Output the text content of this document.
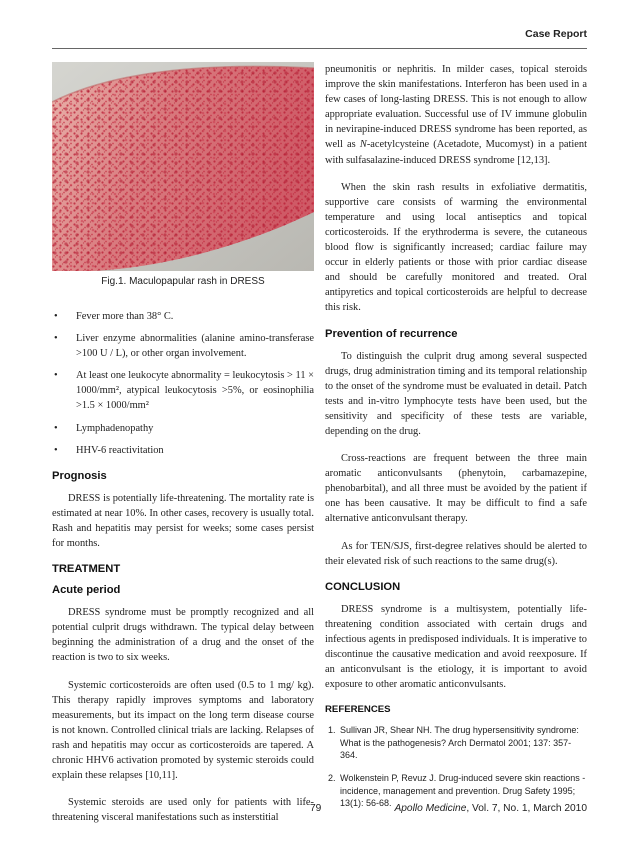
Case Report
Fig.1. Maculopapular rash in DRESS
• Fever more than 38° C.
• Liver enzyme abnormalities (alanine amino-transferase >100 U / L), or other organ involvement.
• At least one leukocyte abnormality = leukocytosis > 11 × 1000/mm², atypical leukocytosis >5%, or eosinophilia >1.5 × 1000/mm²
• Lymphadenopathy
• HHV-6 reactivitation
Prognosis

DRESS is potentially life-threatening. The mortality rate is estimated at near 10%. In other cases, recovery is usually total. Rash and hepatitis may persist for weeks; some cases persist for months.

TREATMENT
Acute period

DRESS syndrome must be promptly recognized and all potential culprit drugs withdrawn. The typical delay between beginning the administration of a drug and the onset of the reaction is two to six weeks.

Systemic corticosteroids are often used (0.5 to 1 mg/ kg). This therapy rapidly improves symptoms and laboratory measurements, but its impact on the long term disease course is not known. Controlled clinical trials are lacking. Relapses of rash and hepatitis may occur as corticosteroids are tapered. A chronic HHV6 activation promoted by systemic steroids could explain these relapses [10,11].

Systemic steroids are used only for patients with life-threatening visceral manifestations such as insterstitial

pneumonitis or nephritis. In milder cases, topical steroids improve the skin manifestations. Interferon has been used in a few cases of long-lasting DRESS. This is not enough to allow appropriate evaluation. Successful use of IV immune globulin in nevirapine-induced DRESS syndrome has been reported, as well as N-acetylcysteine (Acetadote, Mucomyst) in a patient with sulfasalazine-induced DRESS syndrome [12,13].

When the skin rash results in exfoliative dermatitis, supportive care consists of warming the environmental temperature and using local antiseptics and topical corticosteroids. If the erythroderma is severe, the cutaneous blood flow is significantly increased; cardiac failure may occur in elderly patients or those with prior cardiac disease and should be carefully monitored and treated. Oral antipyretics and topical corticosteroids are helpful to decrease this risk.

Prevention of recurrence

To distinguish the culprit drug among several suspected drugs, drug administration timing and its temporal relationship to the onset of the syndrome must be evaluated in detail. Patch tests and in-vitro lymphocyte tests have been used, but the sensitivity and specificity of these tests are variable, depending on the drug.

Cross-reactions are frequent between the three main aromatic anticonvulsants (phenytoin, carbamazepine, phenobarbital), and all three must be avoided by the patient if one has been causative. It may be difficult to find a safe alternative anticonvulsant therapy.

As for TEN/SJS, first-degree relatives should be alerted to their elevated risk of such reactions to the same drug(s).

CONCLUSION

DRESS syndrome is a multisystem, potentially life-threatening condition associated with certain drugs and infectious agents in predisposed individuals. It is imperative to discontinue the causative medication and avoid reexposure. If an anticonvulsant is the etiology, it is important to avoid exposure to other aromatic anticonvulsants.

REFERENCES
1. Sullivan JR, Shear NH. The drug hypersensitivity syndrome: What is the pathogenesis? Arch Dermatol 2001; 137: 357-364.
2. Wolkenstein P, Revuz J. Drug-induced severe skin reactions - incidence, management and prevention. Drug Safety 1995; 13(1): 56-68.
79	Apollo Medicine, Vol. 7, No. 1, March 2010
